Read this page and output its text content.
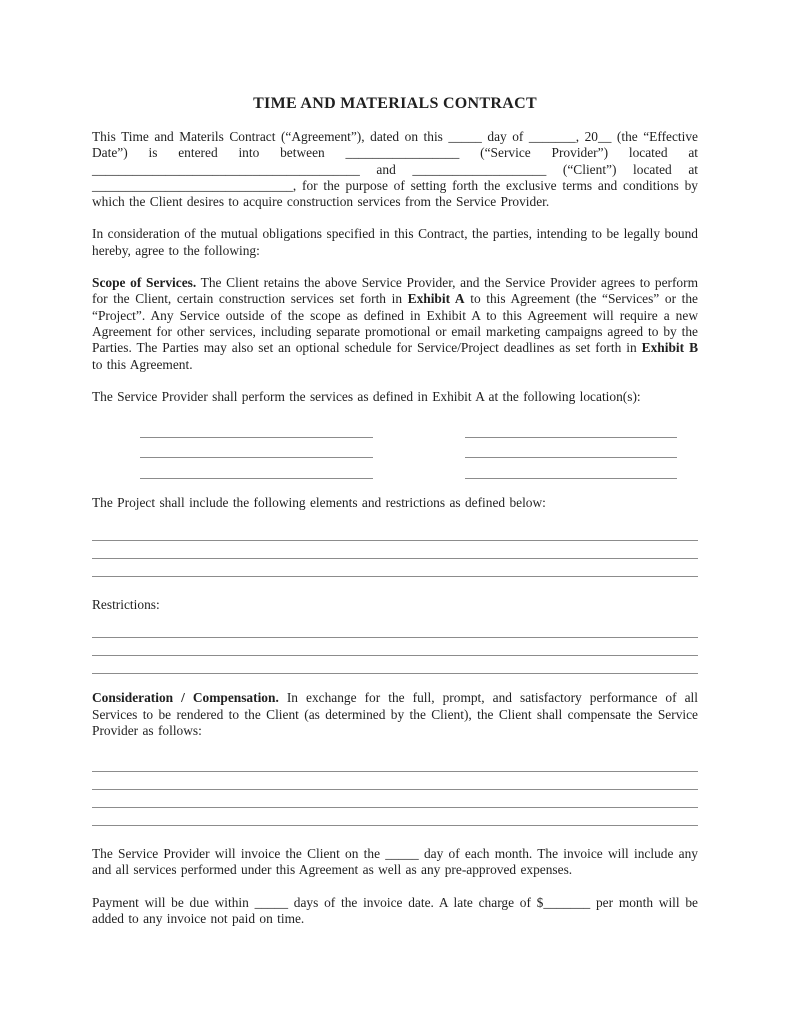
TIME AND MATERIALS CONTRACT

This Time and Materils Contract (“Agreement”), dated on this _____ day of _______, 20__ (the “Effective Date”) is entered into between _________________ (“Service Provider”) located at ________________________________________ and ____________________ (“Client”) located at ______________________________, for the purpose of setting forth the exclusive terms and conditions by which the Client desires to acquire construction services from the Service Provider.

In consideration of the mutual obligations specified in this Contract, the parties, intending to be legally bound hereby, agree to the following:

Scope of Services. The Client retains the above Service Provider, and the Service Provider agrees to perform for the Client, certain construction services set forth in Exhibit A to this Agreement (the “Services” or the “Project”. Any Service outside of the scope as defined in Exhibit A to this Agreement will require a new Agreement for other services, including separate promotional or email marketing campaigns agreed to by the Parties. The Parties may also set an optional schedule for Service/Project deadlines as set forth in Exhibit B to this Agreement.

The Service Provider shall perform the services as defined in Exhibit A at the following location(s):

The Project shall include the following elements and restrictions as defined below:

Restrictions:

Consideration / Compensation. In exchange for the full, prompt, and satisfactory performance of all Services to be rendered to the Client (as determined by the Client), the Client shall compensate the Service Provider as follows:

The Service Provider will invoice the Client on the _____ day of each month. The invoice will include any and all services performed under this Agreement as well as any pre-approved expenses.

Payment will be due within _____ days of the invoice date. A late charge of $_______ per month will be added to any invoice not paid on time.
